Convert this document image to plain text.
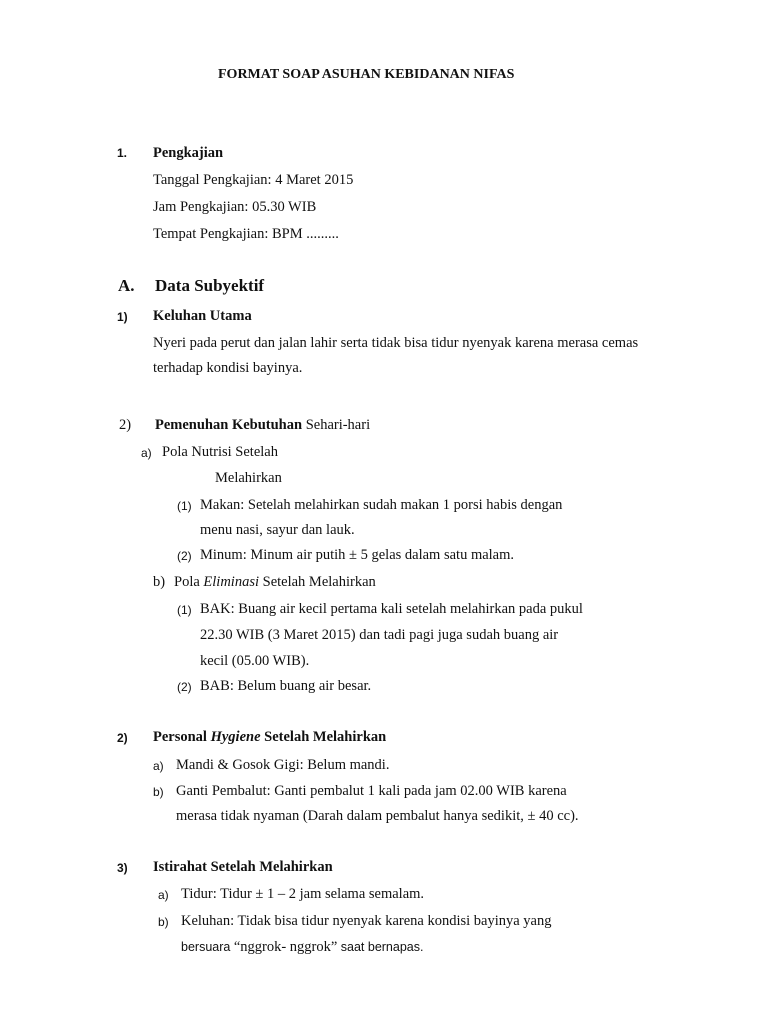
FORMAT SOAP ASUHAN KEBIDANAN NIFAS
1. Pengkajian
Tanggal Pengkajian: 4 Maret 2015
Jam Pengkajian: 05.30 WIB
Tempat Pengkajian: BPM .........
A. Data Subyektif
1) Keluhan Utama
Nyeri pada perut dan jalan lahir serta tidak bisa tidur nyenyak karena merasa cemas
terhadap kondisi bayinya.
2) Pemenuhan Kebutuhan Sehari-hari
a) Pola Nutrisi Setelah
Melahirkan
(1) Makan: Setelah melahirkan sudah makan 1 porsi habis dengan
menu nasi, sayur dan lauk.
(2) Minum: Minum air putih ± 5 gelas dalam satu malam.
b) Pola Eliminasi Setelah Melahirkan
(1) BAK: Buang air kecil pertama kali setelah melahirkan pada pukul
22.30 WIB (3 Maret 2015) dan tadi pagi juga sudah buang air
kecil (05.00 WIB).
(2) BAB: Belum buang air besar.
2) Personal Hygiene Setelah Melahirkan
a) Mandi & Gosok Gigi: Belum mandi.
b) Ganti Pembalut: Ganti pembalut 1 kali pada jam 02.00 WIB karena
merasa tidak nyaman (Darah dalam pembalut hanya sedikit, ± 40 cc).
3) Istirahat Setelah Melahirkan
a) Tidur: Tidur ± 1 – 2 jam selama semalam.
b) Keluhan: Tidak bisa tidur nyenyak karena kondisi bayinya yang
bersuara “nggrok- nggrok” saat bernapas.
